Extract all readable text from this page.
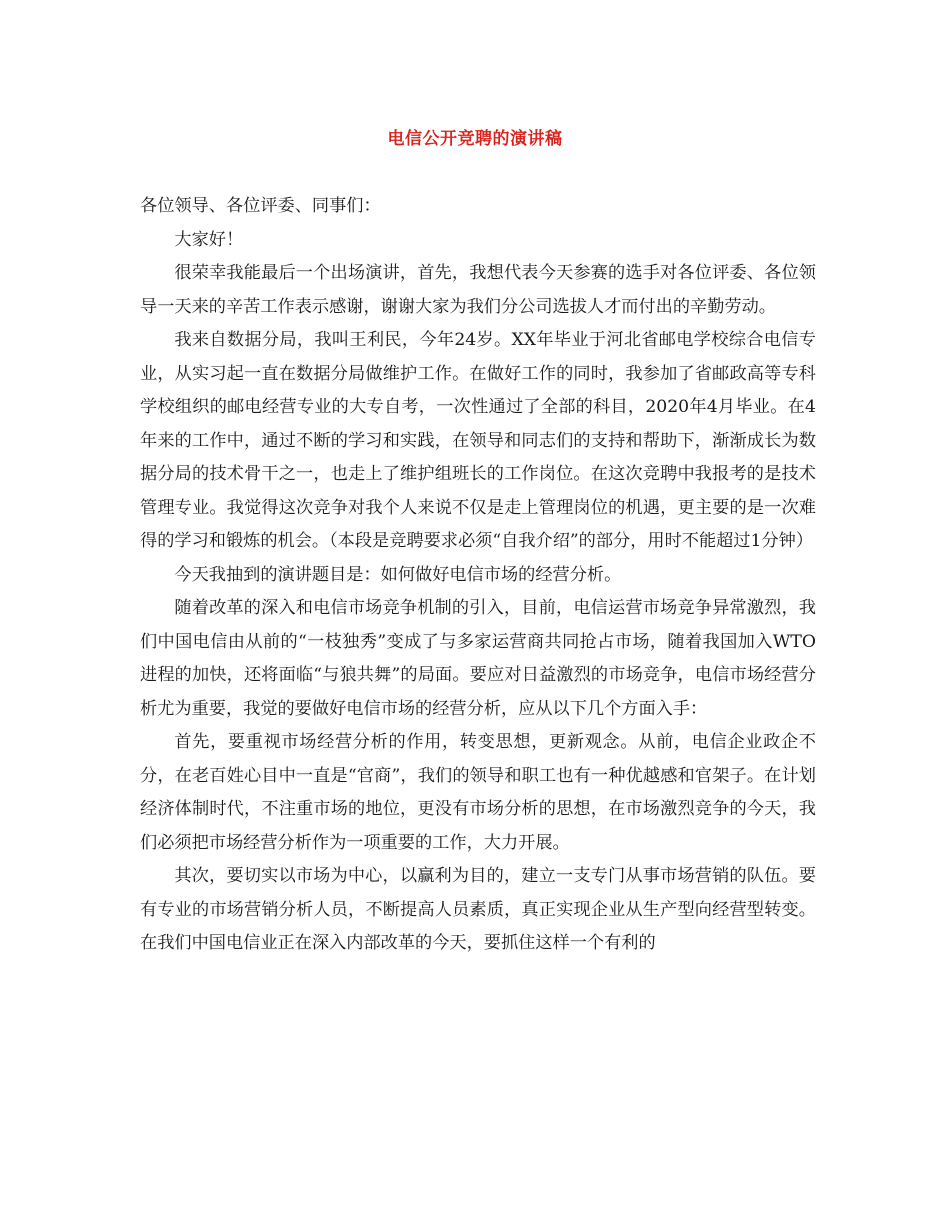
电信公开竞聘的演讲稿

各位领导、各位评委、同事们：

大家好！

很荣幸我能最后一个出场演讲，首先，我想代表今天参赛的选手对各位评委、各位领导一天来的辛苦工作表示感谢，谢谢大家为我们分公司选拔人才而付出的辛勤劳动。

我来自数据分局，我叫王利民，今年24岁。XX年毕业于河北省邮电学校综合电信专业，从实习起一直在数据分局做维护工作。在做好工作的同时，我参加了省邮政高等专科学校组织的邮电经营专业的大专自考，一次性通过了全部的科目，2020年4月毕业。在4年来的工作中，通过不断的学习和实践，在领导和同志们的支持和帮助下，渐渐成长为数据分局的技术骨干之一，也走上了维护组班长的工作岗位。在这次竞聘中我报考的是技术管理专业。我觉得这次竞争对我个人来说不仅是走上管理岗位的机遇，更主要的是一次难得的学习和锻炼的机会。（本段是竞聘要求必须“自我介绍”的部分，用时不能超过1分钟）

今天我抽到的演讲题目是：如何做好电信市场的经营分析。

随着改革的深入和电信市场竞争机制的引入，目前，电信运营市场竞争异常激烈，我们中国电信由从前的“一枝独秀”变成了与多家运营商共同抢占市场，随着我国加入WTO进程的加快，还将面临“与狼共舞”的局面。要应对日益激烈的市场竞争，电信市场经营分析尤为重要，我觉的要做好电信市场的经营分析，应从以下几个方面入手：

首先，要重视市场经营分析的作用，转变思想，更新观念。从前，电信企业政企不分，在老百姓心目中一直是“官商”，我们的领导和职工也有一种优越感和官架子。在计划经济体制时代，不注重市场的地位，更没有市场分析的思想，在市场激烈竞争的今天，我们必须把市场经营分析作为一项重要的工作，大力开展。

其次，要切实以市场为中心，以赢利为目的，建立一支专门从事市场营销的队伍。要有专业的市场营销分析人员，不断提高人员素质，真正实现企业从生产型向经营型转变。在我们中国电信业正在深入内部改革的今天，要抓住这样一个有利的
